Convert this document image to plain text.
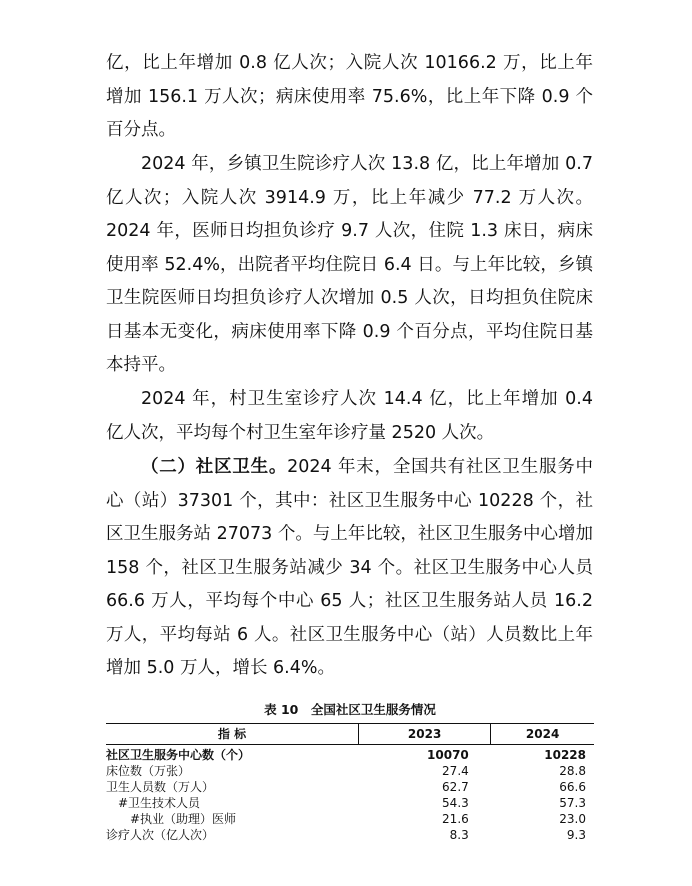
亿，比上年增加 0.8 亿人次；入院人次 10166.2 万，比上年增加 156.1 万人次；病床使用率 75.6%，比上年下降 0.9 个百分点。

2024 年，乡镇卫生院诊疗人次 13.8 亿，比上年增加 0.7 亿人次；入院人次 3914.9 万，比上年减少 77.2 万人次。2024 年，医师日均担负诊疗 9.7 人次，住院 1.3 床日，病床使用率 52.4%，出院者平均住院日 6.4 日。与上年比较，乡镇卫生院医师日均担负诊疗人次增加 0.5 人次，日均担负住院床日基本无变化，病床使用率下降 0.9 个百分点，平均住院日基本持平。

2024 年，村卫生室诊疗人次 14.4 亿，比上年增加 0.4 亿人次，平均每个村卫生室年诊疗量 2520 人次。

（二）社区卫生。2024 年末，全国共有社区卫生服务中心（站）37301 个，其中：社区卫生服务中心 10228 个，社区卫生服务站 27073 个。与上年比较，社区卫生服务中心增加 158 个，社区卫生服务站减少 34 个。社区卫生服务中心人员 66.6 万人，平均每个中心 65 人；社区卫生服务站人员 16.2 万人，平均每站 6 人。社区卫生服务中心（站）人员数比上年增加 5.0 万人，增长 6.4%。

表 10　全国社区卫生服务情况

指 标	2023	2024
社区卫生服务中心数（个）	10070	10228
床位数（万张）	27.4	28.8
卫生人员数（万人）	62.7	66.6
#卫生技术人员	54.3	57.3
#执业（助理）医师	21.6	23.0
诊疗人次（亿人次）	8.3	9.3
